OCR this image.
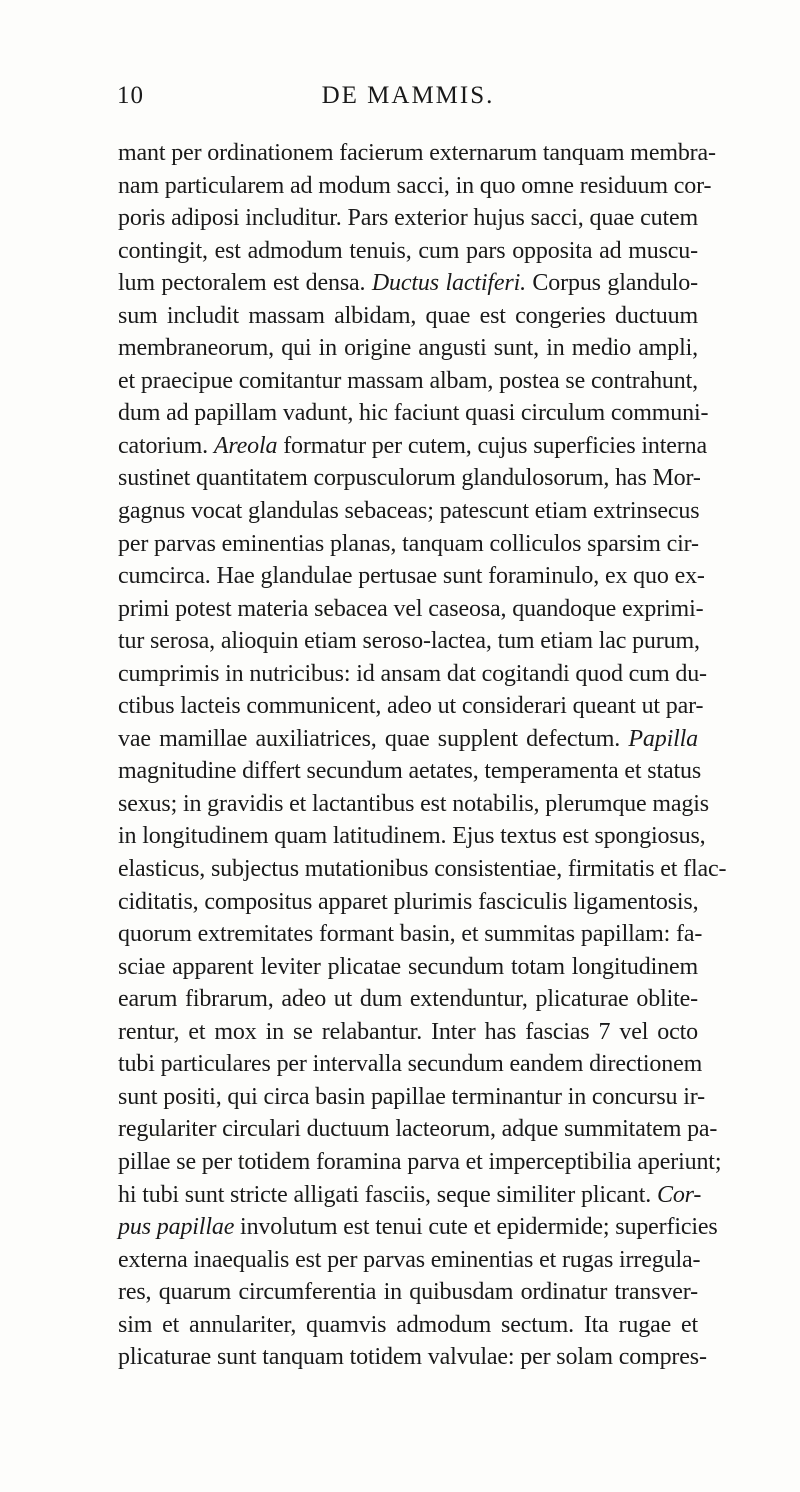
10	DE MAMMIS.
mant per ordinationem facierum externarum tanquam membra-
nam particularem ad modum sacci, in quo omne residuum cor-
poris adiposi includitur. Pars exterior hujus sacci, quae cutem
contingit, est admodum tenuis, cum pars opposita ad muscu-
lum pectoralem est densa. Ductus lactiferi. Corpus glandulo-
sum includit massam albidam, quae est congeries ductuum
membraneorum, qui in origine angusti sunt, in medio ampli,
et praecipue comitantur massam albam, postea se contrahunt,
dum ad papillam vadunt, hic faciunt quasi circulum communi-
catorium. Areola formatur per cutem, cujus superficies interna
sustinet quantitatem corpusculorum glandulosorum, has Mor-
gagnus vocat glandulas sebaceas; patescunt etiam extrinsecus
per parvas eminentias planas, tanquam colliculos sparsim cir-
cumcirca. Hae glandulae pertusae sunt foraminulo, ex quo ex-
primi potest materia sebacea vel caseosa, quandoque exprimi-
tur serosa, alioquin etiam seroso-lactea, tum etiam lac purum,
cumprimis in nutricibus: id ansam dat cogitandi quod cum du-
ctibus lacteis communicent, adeo ut considerari queant ut par-
vae mamillae auxiliatrices, quae supplent defectum. Papilla
magnitudine differt secundum aetates, temperamenta et status
sexus; in gravidis et lactantibus est notabilis, plerumque magis
in longitudinem quam latitudinem. Ejus textus est spongiosus,
elasticus, subjectus mutationibus consistentiae, firmitatis et flac-
ciditatis, compositus apparet plurimis fasciculis ligamentosis,
quorum extremitates formant basin, et summitas papillam: fa-
sciae apparent leviter plicatae secundum totam longitudinem
earum fibrarum, adeo ut dum extenduntur, plicaturae oblite-
rentur, et mox in se relabantur. Inter has fascias 7 vel octo
tubi particulares per intervalla secundum eandem directionem
sunt positi, qui circa basin papillae terminantur in concursu ir-
regulariter circulari ductuum lacteorum, adque summitatem pa-
pillae se per totidem foramina parva et imperceptibilia aperiunt;
hi tubi sunt stricte alligati fasciis, seque similiter plicant. Cor-
pus papillae involutum est tenui cute et epidermide; superficies
externa inaequalis est per parvas eminentias et rugas irregula-
res, quarum circumferentia in quibusdam ordinatur transver-
sim et annulariter, quamvis admodum sectum. Ita rugae et
plicaturae sunt tanquam totidem valvulae: per solam compres-
